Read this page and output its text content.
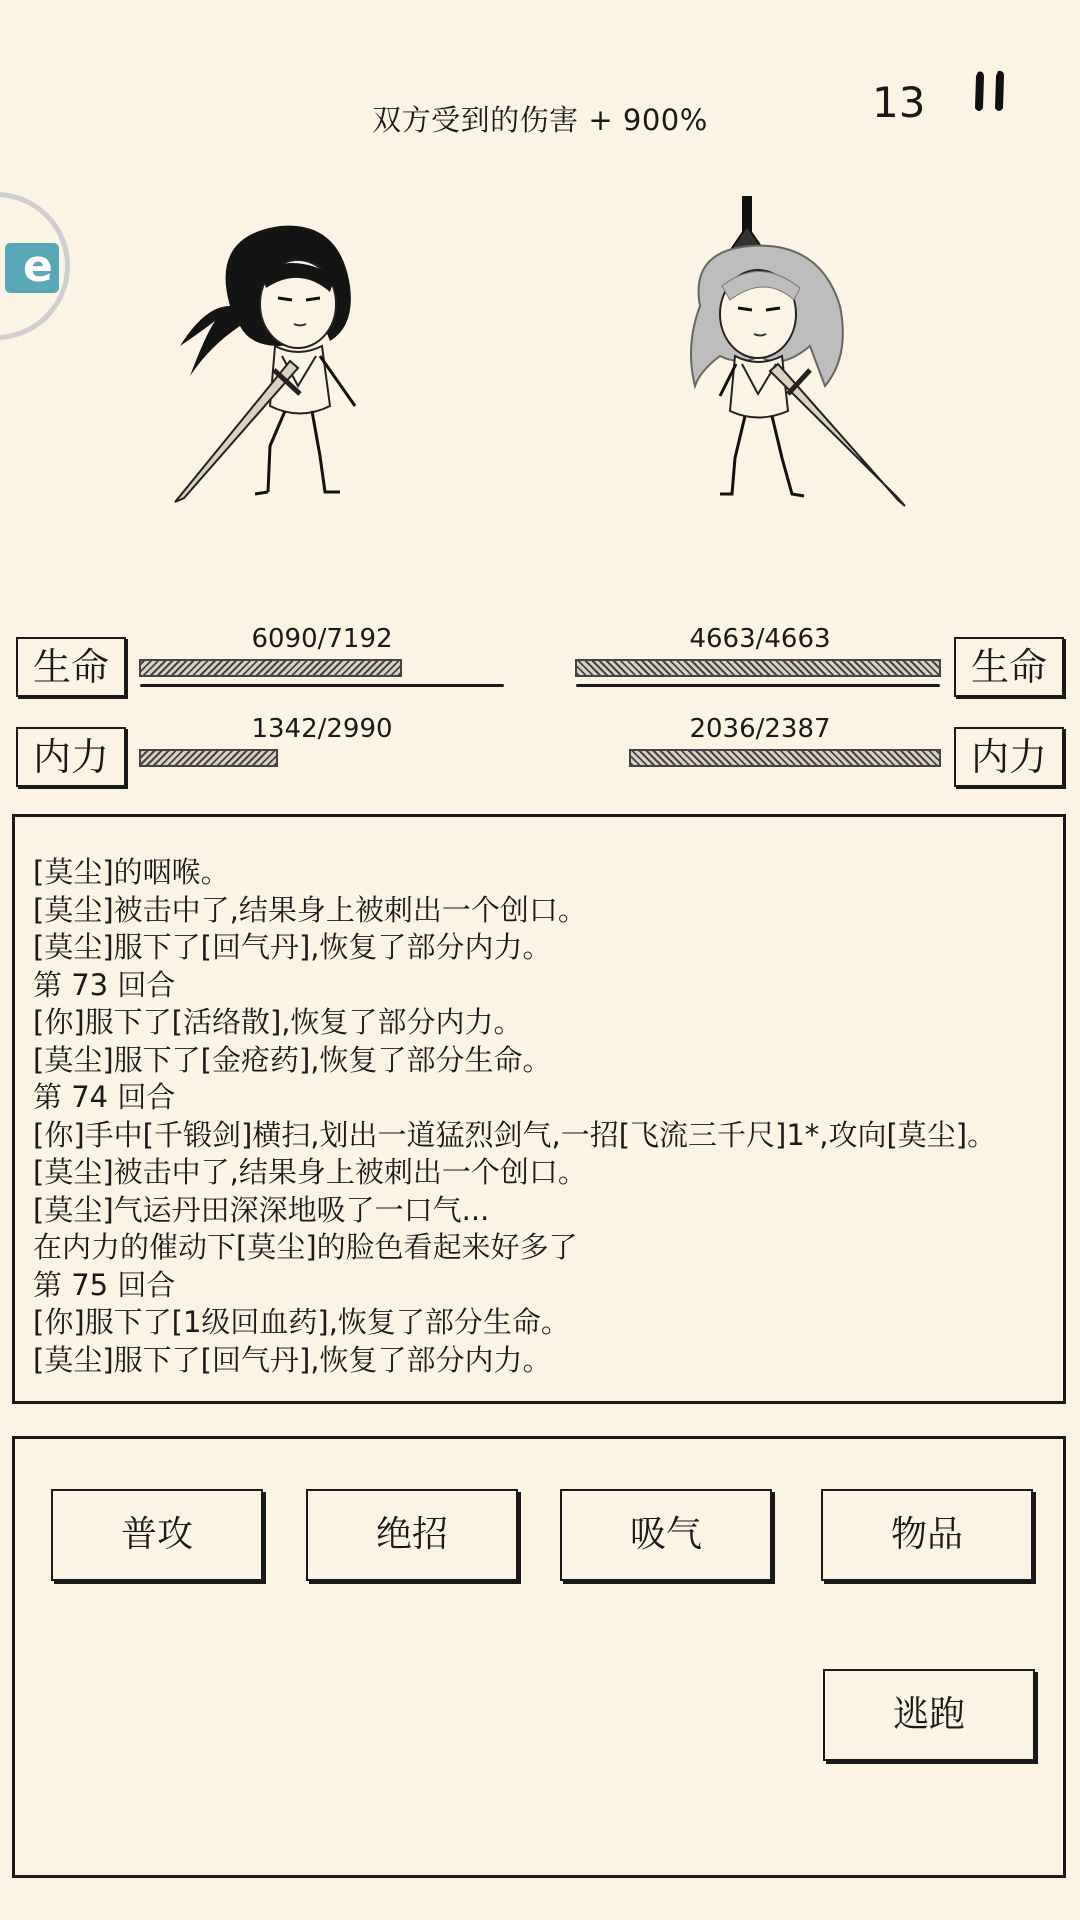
双方受到的伤害 + 900%	13
e
生命
6090/7192
内力
1342/2990
生命
4663/4663
内力
2036/2387
[莫尘]的咽喉。
[莫尘]被击中了,结果身上被刺出一个创口。
[莫尘]服下了[回气丹],恢复了部分内力。
第 73 回合
[你]服下了[活络散],恢复了部分内力。
[莫尘]服下了[金疮药],恢复了部分生命。
第 74 回合
[你]手中[千锻剑]横扫,划出一道猛烈剑气,一招[飞流三千尺]1*,攻向[莫尘]。
[莫尘]被击中了,结果身上被刺出一个创口。
[莫尘]气运丹田深深地吸了一口气...
在内力的催动下[莫尘]的脸色看起来好多了
第 75 回合
[你]服下了[1级回血药],恢复了部分生命。
[莫尘]服下了[回气丹],恢复了部分内力。
普攻	绝招	吸气	物品
逃跑
